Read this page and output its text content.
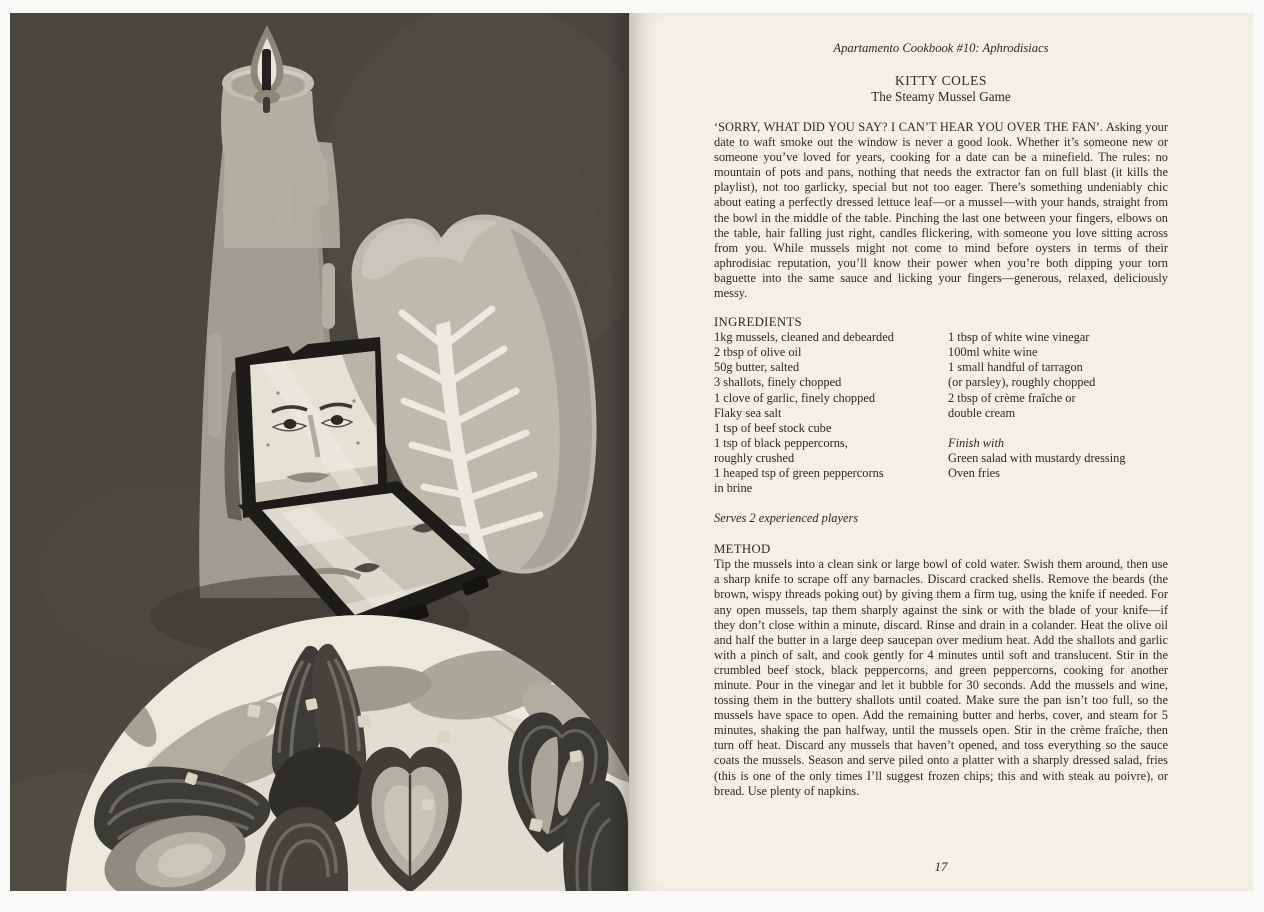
Apartamento Cookbook #10: Aphrodisiacs
KITTY COLES
The Steamy Mussel Game

‘SORRY, WHAT DID YOU SAY? I CAN’T HEAR YOU OVER THE FAN’. Asking your date to waft smoke out the window is never a good look. Whether it’s someone new or someone you’ve loved for years, cooking for a date can be a minefield. The rules: no mountain of pots and pans, nothing that needs the extractor fan on full blast (it kills the playlist), not too garlicky, special but not too eager. There’s something undeniably chic about eating a perfectly dressed lettuce leaf—or a mussel—with your hands, straight from the bowl in the middle of the table. Pinching the last one between your fingers, elbows on the table, hair falling just right, candles flickering, with someone you love sitting across from you. While mussels might not come to mind before oysters in terms of their aphrodisiac reputation, you’ll know their power when you’re both dipping your torn baguette into the same sauce and licking your fingers—generous, relaxed, deliciously messy.

INGREDIENTS
1kg mussels, cleaned and debearded
2 tbsp of olive oil
50g butter, salted
3 shallots, finely chopped
1 clove of garlic, finely chopped
Flaky sea salt
1 tsp of beef stock cube
1 tsp of black peppercorns,
roughly crushed
1 heaped tsp of green peppercorns
in brine
1 tbsp of white wine vinegar
100ml white wine
1 small handful of tarragon
(or parsley), roughly chopped
2 tbsp of crème fraîche or
double cream
Finish with
Green salad with mustardy dressing
Oven fries
Serves 2 experienced players
METHOD

Tip the mussels into a clean sink or large bowl of cold water. Swish them around, then use a sharp knife to scrape off any barnacles. Discard cracked shells. Remove the beards (the brown, wispy threads poking out) by giving them a firm tug, using the knife if needed. For any open mussels, tap them sharply against the sink or with the blade of your knife—if they don’t close within a minute, discard. Rinse and drain in a colander. Heat the olive oil and half the butter in a large deep saucepan over medium heat. Add the shallots and garlic with a pinch of salt, and cook gently for 4 minutes until soft and translucent. Stir in the crumbled beef stock, black peppercorns, and green peppercorns, cooking for another minute. Pour in the vinegar and let it bubble for 30 seconds. Add the mussels and wine, tossing them in the buttery shallots until coated. Make sure the pan isn’t too full, so the mussels have space to open. Add the remaining butter and herbs, cover, and steam for 5 minutes, shaking the pan halfway, until the mussels open. Stir in the crème fraîche, then turn off heat. Discard any mussels that haven’t opened, and toss everything so the sauce coats the mussels. Season and serve piled onto a platter with a sharply dressed salad, fries (this is one of the only times I’ll suggest frozen chips; this and with steak au poivre), or bread. Use plenty of napkins.

17
